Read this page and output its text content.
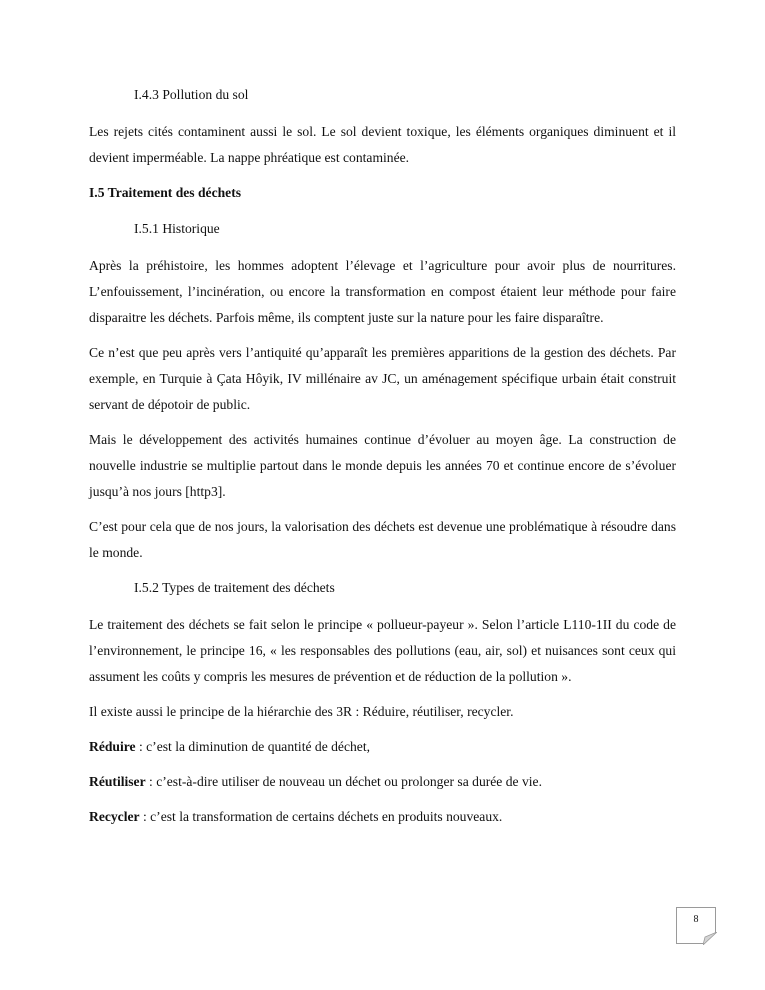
I.4.3 Pollution du sol

Les rejets cités contaminent aussi le sol. Le sol devient toxique, les éléments organiques diminuent et il devient imperméable. La nappe phréatique est contaminée.

I.5 Traitement des déchets
I.5.1 Historique

Après la préhistoire, les hommes adoptent l’élevage et l’agriculture pour avoir plus de nourritures. L’enfouissement, l’incinération, ou encore la transformation en compost étaient leur méthode pour faire disparaitre les déchets. Parfois même, ils comptent juste sur la nature pour les faire disparaître.

Ce n’est que peu après vers l’antiquité qu’apparaît les premières apparitions de la gestion des déchets. Par exemple, en Turquie à Çata Hôyik, IV millénaire av JC, un aménagement spécifique urbain était construit servant de dépotoir de public.

Mais le développement des activités humaines continue d’évoluer au moyen âge. La construction de nouvelle industrie se multiplie partout dans le monde depuis les années 70 et continue encore de s’évoluer jusqu’à nos jours [http3].

C’est pour cela que de nos jours, la valorisation des déchets est devenue une problématique à résoudre dans le monde.

I.5.2 Types de traitement des déchets

Le traitement des déchets se fait selon le principe « pollueur-payeur ». Selon l’article L110-1II du code de l’environnement, le principe 16, « les responsables des pollutions (eau, air, sol) et nuisances sont ceux qui assument les coûts y compris les mesures de prévention et de réduction de la pollution ».

Il existe aussi le principe de la hiérarchie des 3R : Réduire, réutiliser, recycler.

Réduire : c’est la diminution de quantité de déchet,

Réutiliser : c’est-à-dire utiliser de nouveau un déchet ou prolonger sa durée de vie.

Recycler : c’est la transformation de certains déchets en produits nouveaux.

8
